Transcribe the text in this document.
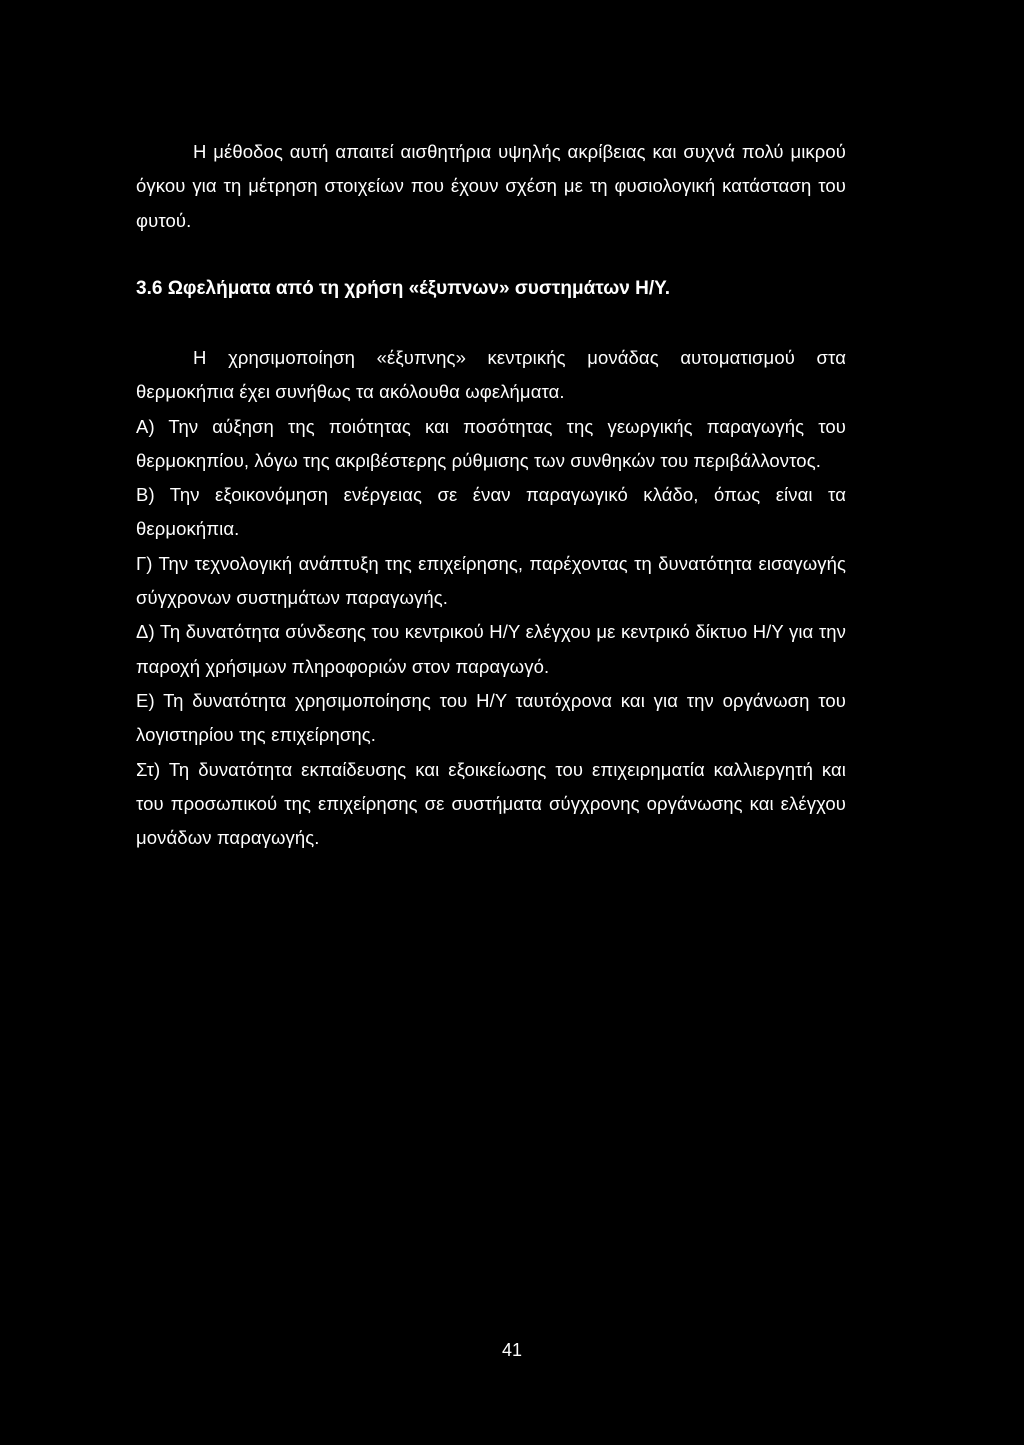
Η μέθοδος αυτή απαιτεί αισθητήρια υψηλής ακρίβειας και συχνά πολύ μικρού όγκου για τη μέτρηση στοιχείων που έχουν σχέση με τη φυσιολογική κατάσταση του φυτού.

3.6 Ωφελήματα από τη χρήση «έξυπνων» συστημάτων Η/Υ.

Η χρησιμοποίηση «έξυπνης» κεντρικής μονάδας αυτοματισμού στα θερμοκήπια έχει συνήθως τα ακόλουθα ωφελήματα.

Α) Την αύξηση της ποιότητας και ποσότητας της γεωργικής παραγωγής του θερμοκηπίου, λόγω της ακριβέστερης ρύθμισης των συνθηκών του περιβάλλοντος.

Β) Την εξοικονόμηση ενέργειας σε έναν παραγωγικό κλάδο, όπως είναι τα θερμοκήπια.

Γ) Την τεχνολογική ανάπτυξη της επιχείρησης, παρέχοντας τη δυνατότητα εισαγωγής σύγχρονων συστημάτων παραγωγής.

Δ) Τη δυνατότητα σύνδεσης του κεντρικού Η/Υ ελέγχου με κεντρικό δίκτυο Η/Υ για την παροχή χρήσιμων πληροφοριών στον παραγωγό.

Ε) Τη δυνατότητα χρησιμοποίησης του Η/Υ ταυτόχρονα και για την οργάνωση του λογιστηρίου της επιχείρησης.

Στ) Τη δυνατότητα εκπαίδευσης και εξοικείωσης του επιχειρηματία καλλιεργητή και του προσωπικού της επιχείρησης σε συστήματα σύγχρονης οργάνωσης και ελέγχου μονάδων παραγωγής.

41
